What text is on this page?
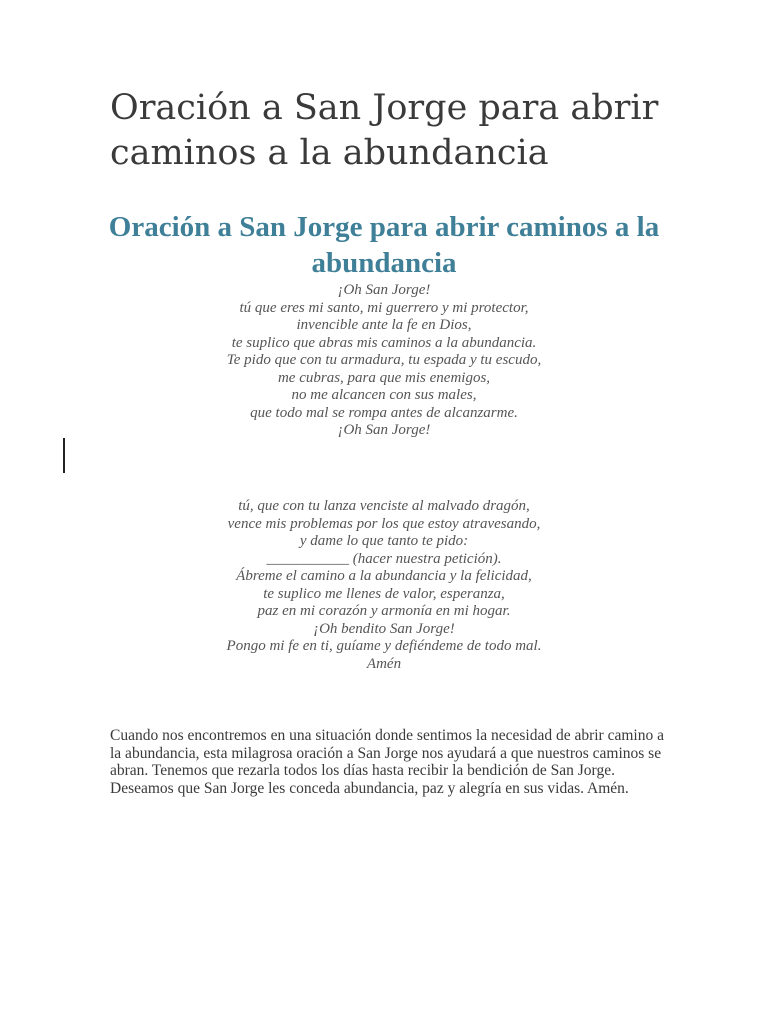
Oración a San Jorge para abrir caminos a la abundancia
Oración a San Jorge para abrir caminos a la abundancia
¡Oh San Jorge!
tú que eres mi santo, mi guerrero y mi protector,
invencible ante la fe en Dios,
te suplico que abras mis caminos a la abundancia.
Te pido que con tu armadura, tu espada y tu escudo,
me cubras, para que mis enemigos,
no me alcancen con sus males,
que todo mal se rompa antes de alcanzarme.
¡Oh San Jorge!
tú, que con tu lanza venciste al malvado dragón,
vence mis problemas por los que estoy atravesando,
y dame lo que tanto te pido:
___________ (hacer nuestra petición).
Ábreme el camino a la abundancia y la felicidad,
te suplico me llenes de valor, esperanza,
paz en mi corazón y armonía en mi hogar.
¡Oh bendito San Jorge!
Pongo mi fe en ti, guíame y defiéndeme de todo mal.
Amén

Cuando nos encontremos en una situación donde sentimos la necesidad de abrir camino a la abundancia, esta milagrosa oración a San Jorge nos ayudará a que nuestros caminos se abran. Tenemos que rezarla todos los días hasta recibir la bendición de San Jorge. Deseamos que San Jorge les conceda abundancia, paz y alegría en sus vidas. Amén.
